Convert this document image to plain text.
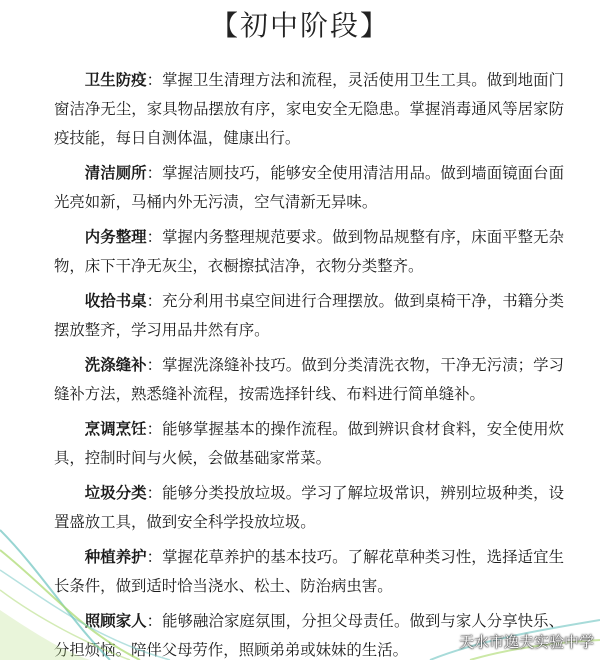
【初中阶段】

卫生防疫：掌握卫生清理方法和流程，灵活使用卫生工具。做到地面门窗洁净无尘，家具物品摆放有序，家电安全无隐患。掌握消毒通风等居家防疫技能，每日自测体温，健康出行。

清洁厕所：掌握洁厕技巧，能够安全使用清洁用品。做到墙面镜面台面光亮如新，马桶内外无污渍，空气清新无异味。

内务整理：掌握内务整理规范要求。做到物品规整有序，床面平整无杂物，床下干净无灰尘，衣橱擦拭洁净，衣物分类整齐。

收拾书桌：充分利用书桌空间进行合理摆放。做到桌椅干净，书籍分类摆放整齐，学习用品井然有序。

洗涤缝补：掌握洗涤缝补技巧。做到分类清洗衣物，干净无污渍；学习缝补方法，熟悉缝补流程，按需选择针线、布料进行简单缝补。

烹调烹饪：能够掌握基本的操作流程。做到辨识食材食料，安全使用炊具，控制时间与火候，会做基础家常菜。

垃圾分类：能够分类投放垃圾。学习了解垃圾常识，辨别垃圾种类，设置盛放工具，做到安全科学投放垃圾。

种植养护：掌握花草养护的基本技巧。了解花草种类习性，选择适宜生长条件，做到适时恰当浇水、松土、防治病虫害。

照顾家人：能够融洽家庭氛围，分担父母责任。做到与家人分享快乐、分担烦恼。陪伴父母劳作，照顾弟弟或妹妹的生活。	天水市逸夫实验中学
